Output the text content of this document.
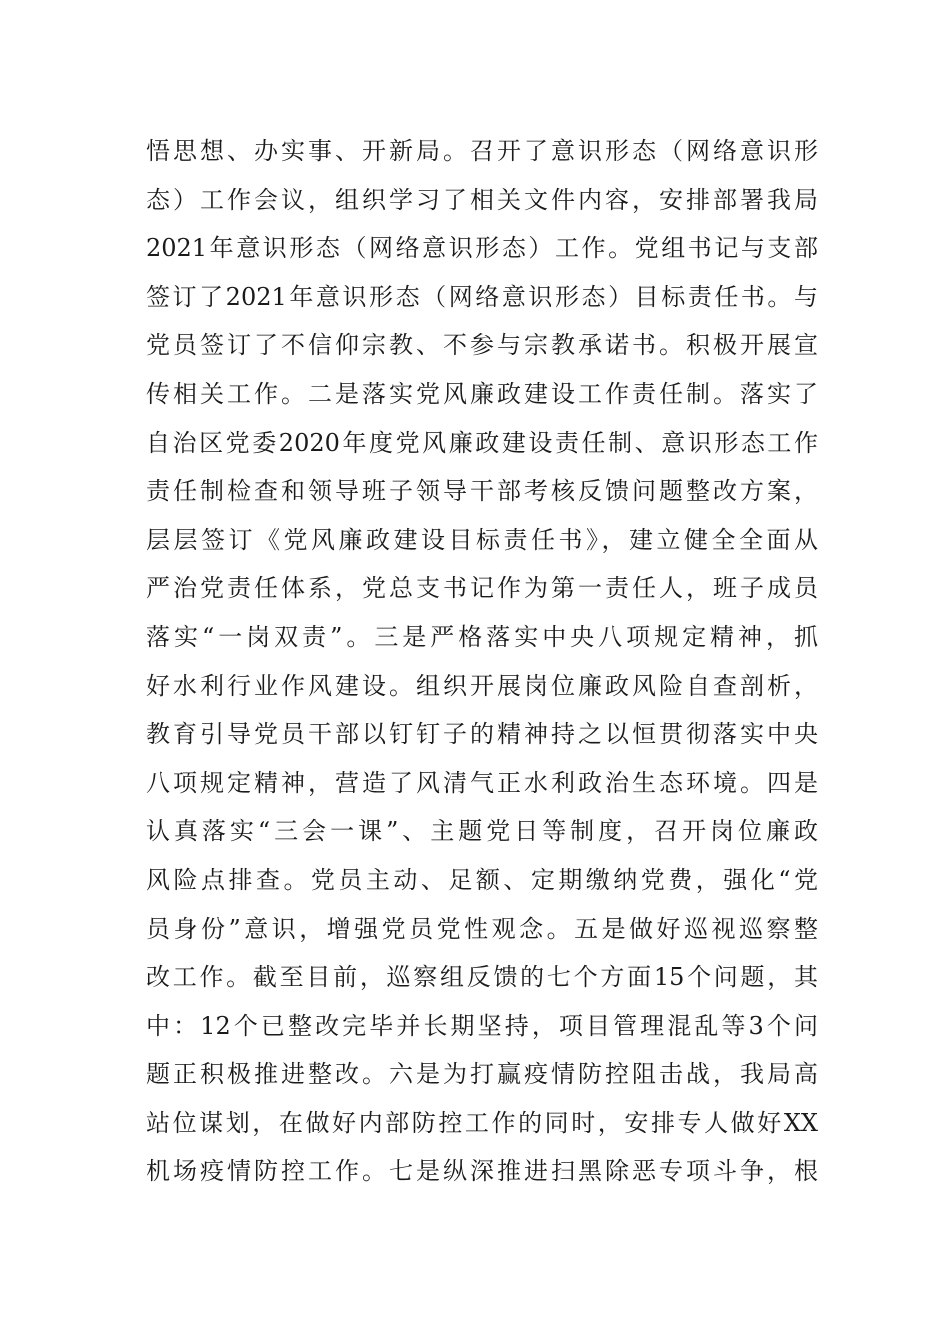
悟思想、办实事、开新局。召开了意识形态（网络意识形
态）工作会议，组织学习了相关文件内容，安排部署我局
2021年意识形态（网络意识形态）工作。党组书记与支部
签订了2021年意识形态（网络意识形态）目标责任书。与
党员签订了不信仰宗教、不参与宗教承诺书。积极开展宣
传相关工作。二是落实党风廉政建设工作责任制。落实了
自治区党委2020年度党风廉政建设责任制、意识形态工作
责任制检查和领导班子领导干部考核反馈问题整改方案，
层层签订《党风廉政建设目标责任书》，建立健全全面从
严治党责任体系，党总支书记作为第一责任人，班子成员
落实“一岗双责”。三是严格落实中央八项规定精神，抓
好水利行业作风建设。组织开展岗位廉政风险自查剖析，
教育引导党员干部以钉钉子的精神持之以恒贯彻落实中央
八项规定精神，营造了风清气正水利政治生态环境。四是
认真落实“三会一课”、主题党日等制度，召开岗位廉政
风险点排查。党员主动、足额、定期缴纳党费，强化“党
员身份”意识，增强党员党性观念。五是做好巡视巡察整
改工作。截至目前，巡察组反馈的七个方面15个问题，其
中：12个已整改完毕并长期坚持，项目管理混乱等3个问
题正积极推进整改。六是为打赢疫情防控阻击战，我局高
站位谋划，在做好内部防控工作的同时，安排专人做好XX
机场疫情防控工作。七是纵深推进扫黑除恶专项斗争，根
